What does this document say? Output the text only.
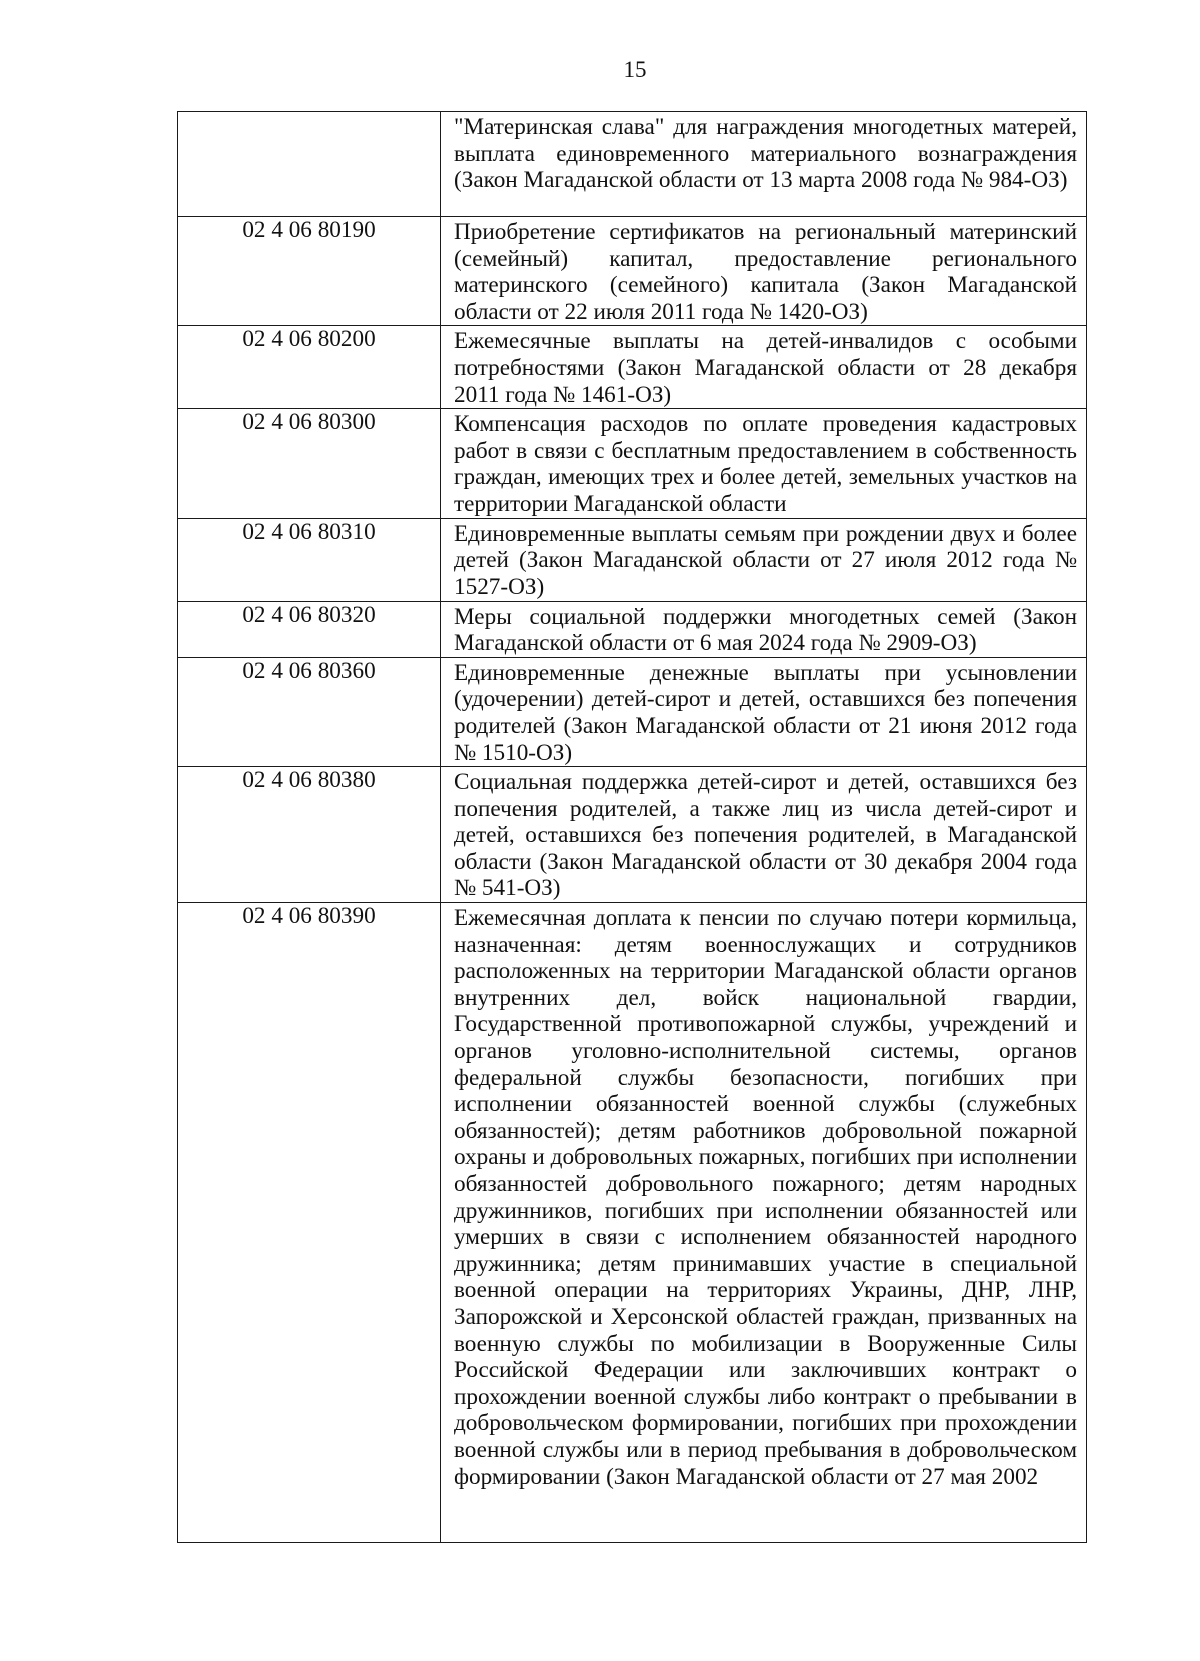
15

	"Материнская слава" для награждения многодетных матерей, выплата единовременного материального вознаграждения (Закон Магаданской области от 13 марта 2008 года № 984-ОЗ)

02 4 06 80190	Приобретение сертификатов на региональный материнский (семейный) капитал, предоставление регионального материнского (семейного) капитала (Закон Магаданской области от 22 июля 2011 года № 1420-ОЗ)

02 4 06 80200	Ежемесячные выплаты на детей-инвалидов с особыми потребностями (Закон Магаданской области от 28 декабря 2011 года № 1461-ОЗ)

02 4 06 80300	Компенсация расходов по оплате проведения кадастровых работ в связи с бесплатным предоставлением в собственность граждан, имеющих трех и более детей, земельных участков на территории Магаданской области

02 4 06 80310	Единовременные выплаты семьям при рождении двух и более детей (Закон Магаданской области от 27 июля 2012 года № 1527-ОЗ)

02 4 06 80320	Меры социальной поддержки многодетных семей (Закон Магаданской области от 6 мая 2024 года № 2909-ОЗ)

02 4 06 80360	Единовременные денежные выплаты при усыновлении (удочерении) детей-сирот и детей, оставшихся без попечения родителей (Закон Магаданской области от 21 июня 2012 года № 1510-ОЗ)

02 4 06 80380	Социальная поддержка детей-сирот и детей, оставшихся без попечения родителей, а также лиц из числа детей-сирот и детей, оставшихся без попечения родителей, в Магаданской области (Закон Магаданской области от 30 декабря 2004 года № 541-ОЗ)

02 4 06 80390	Ежемесячная доплата к пенсии по случаю потери кормильца, назначенная: детям военнослужащих и сотрудников расположенных на территории Магаданской области органов внутренних дел, войск национальной гвардии, Государственной противопожарной службы, учреждений и органов уголовно-исполнительной системы, органов федеральной службы безопасности, погибших при исполнении обязанностей военной службы (служебных обязанностей); детям работников добровольной пожарной охраны и добровольных пожарных, погибших при исполнении обязанностей добровольного пожарного; детям народных дружинников, погибших при исполнении обязанностей или умерших в связи с исполнением обязанностей народного дружинника; детям принимавших участие в специальной военной операции на территориях Украины, ДНР, ЛНР, Запорожской и Херсонской областей граждан, призванных на военную службы по мобилизации в Вооруженные Силы Российской Федерации или заключивших контракт о прохождении военной службы либо контракт о пребывании в добровольческом формировании, погибших при прохождении военной службы или в период пребывания в добровольческом формировании (Закон Магаданской области от 27 мая 2002
